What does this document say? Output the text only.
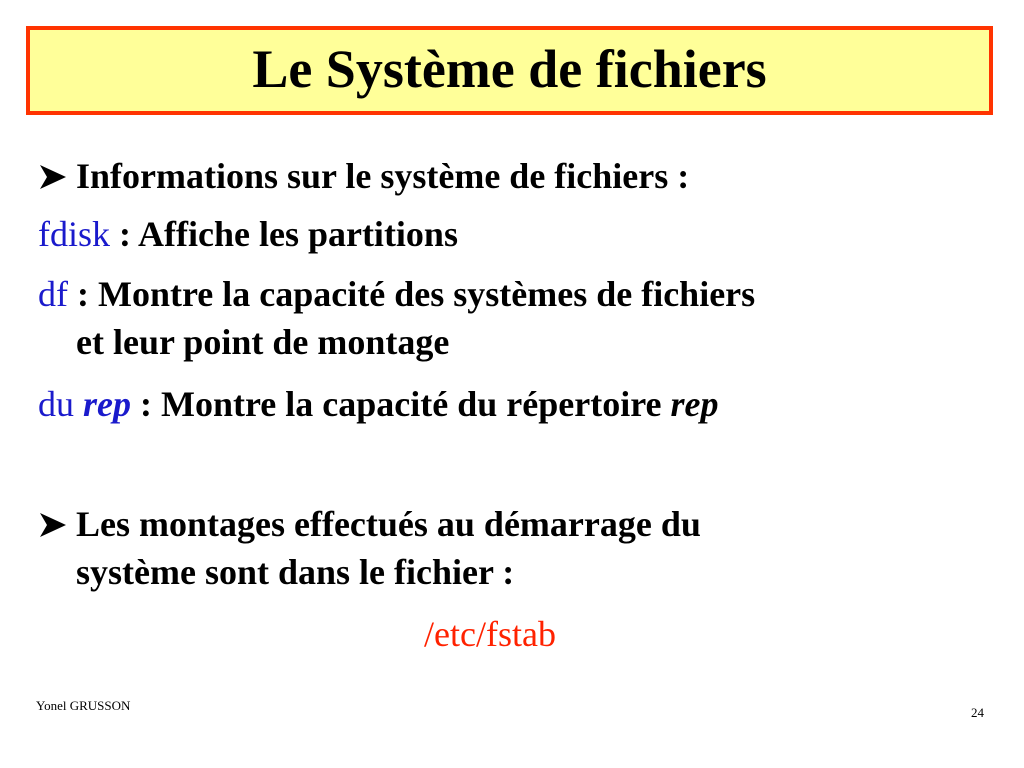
Le Système de fichiers
Informations sur le système de fichiers :
fdisk : Affiche les partitions
df : Montre la capacité des systèmes de fichiers
et leur point de montage
du rep : Montre la capacité du répertoire rep
Les montages effectués au démarrage du
système sont dans le fichier :
/etc/fstab
Yonel GRUSSON	24
